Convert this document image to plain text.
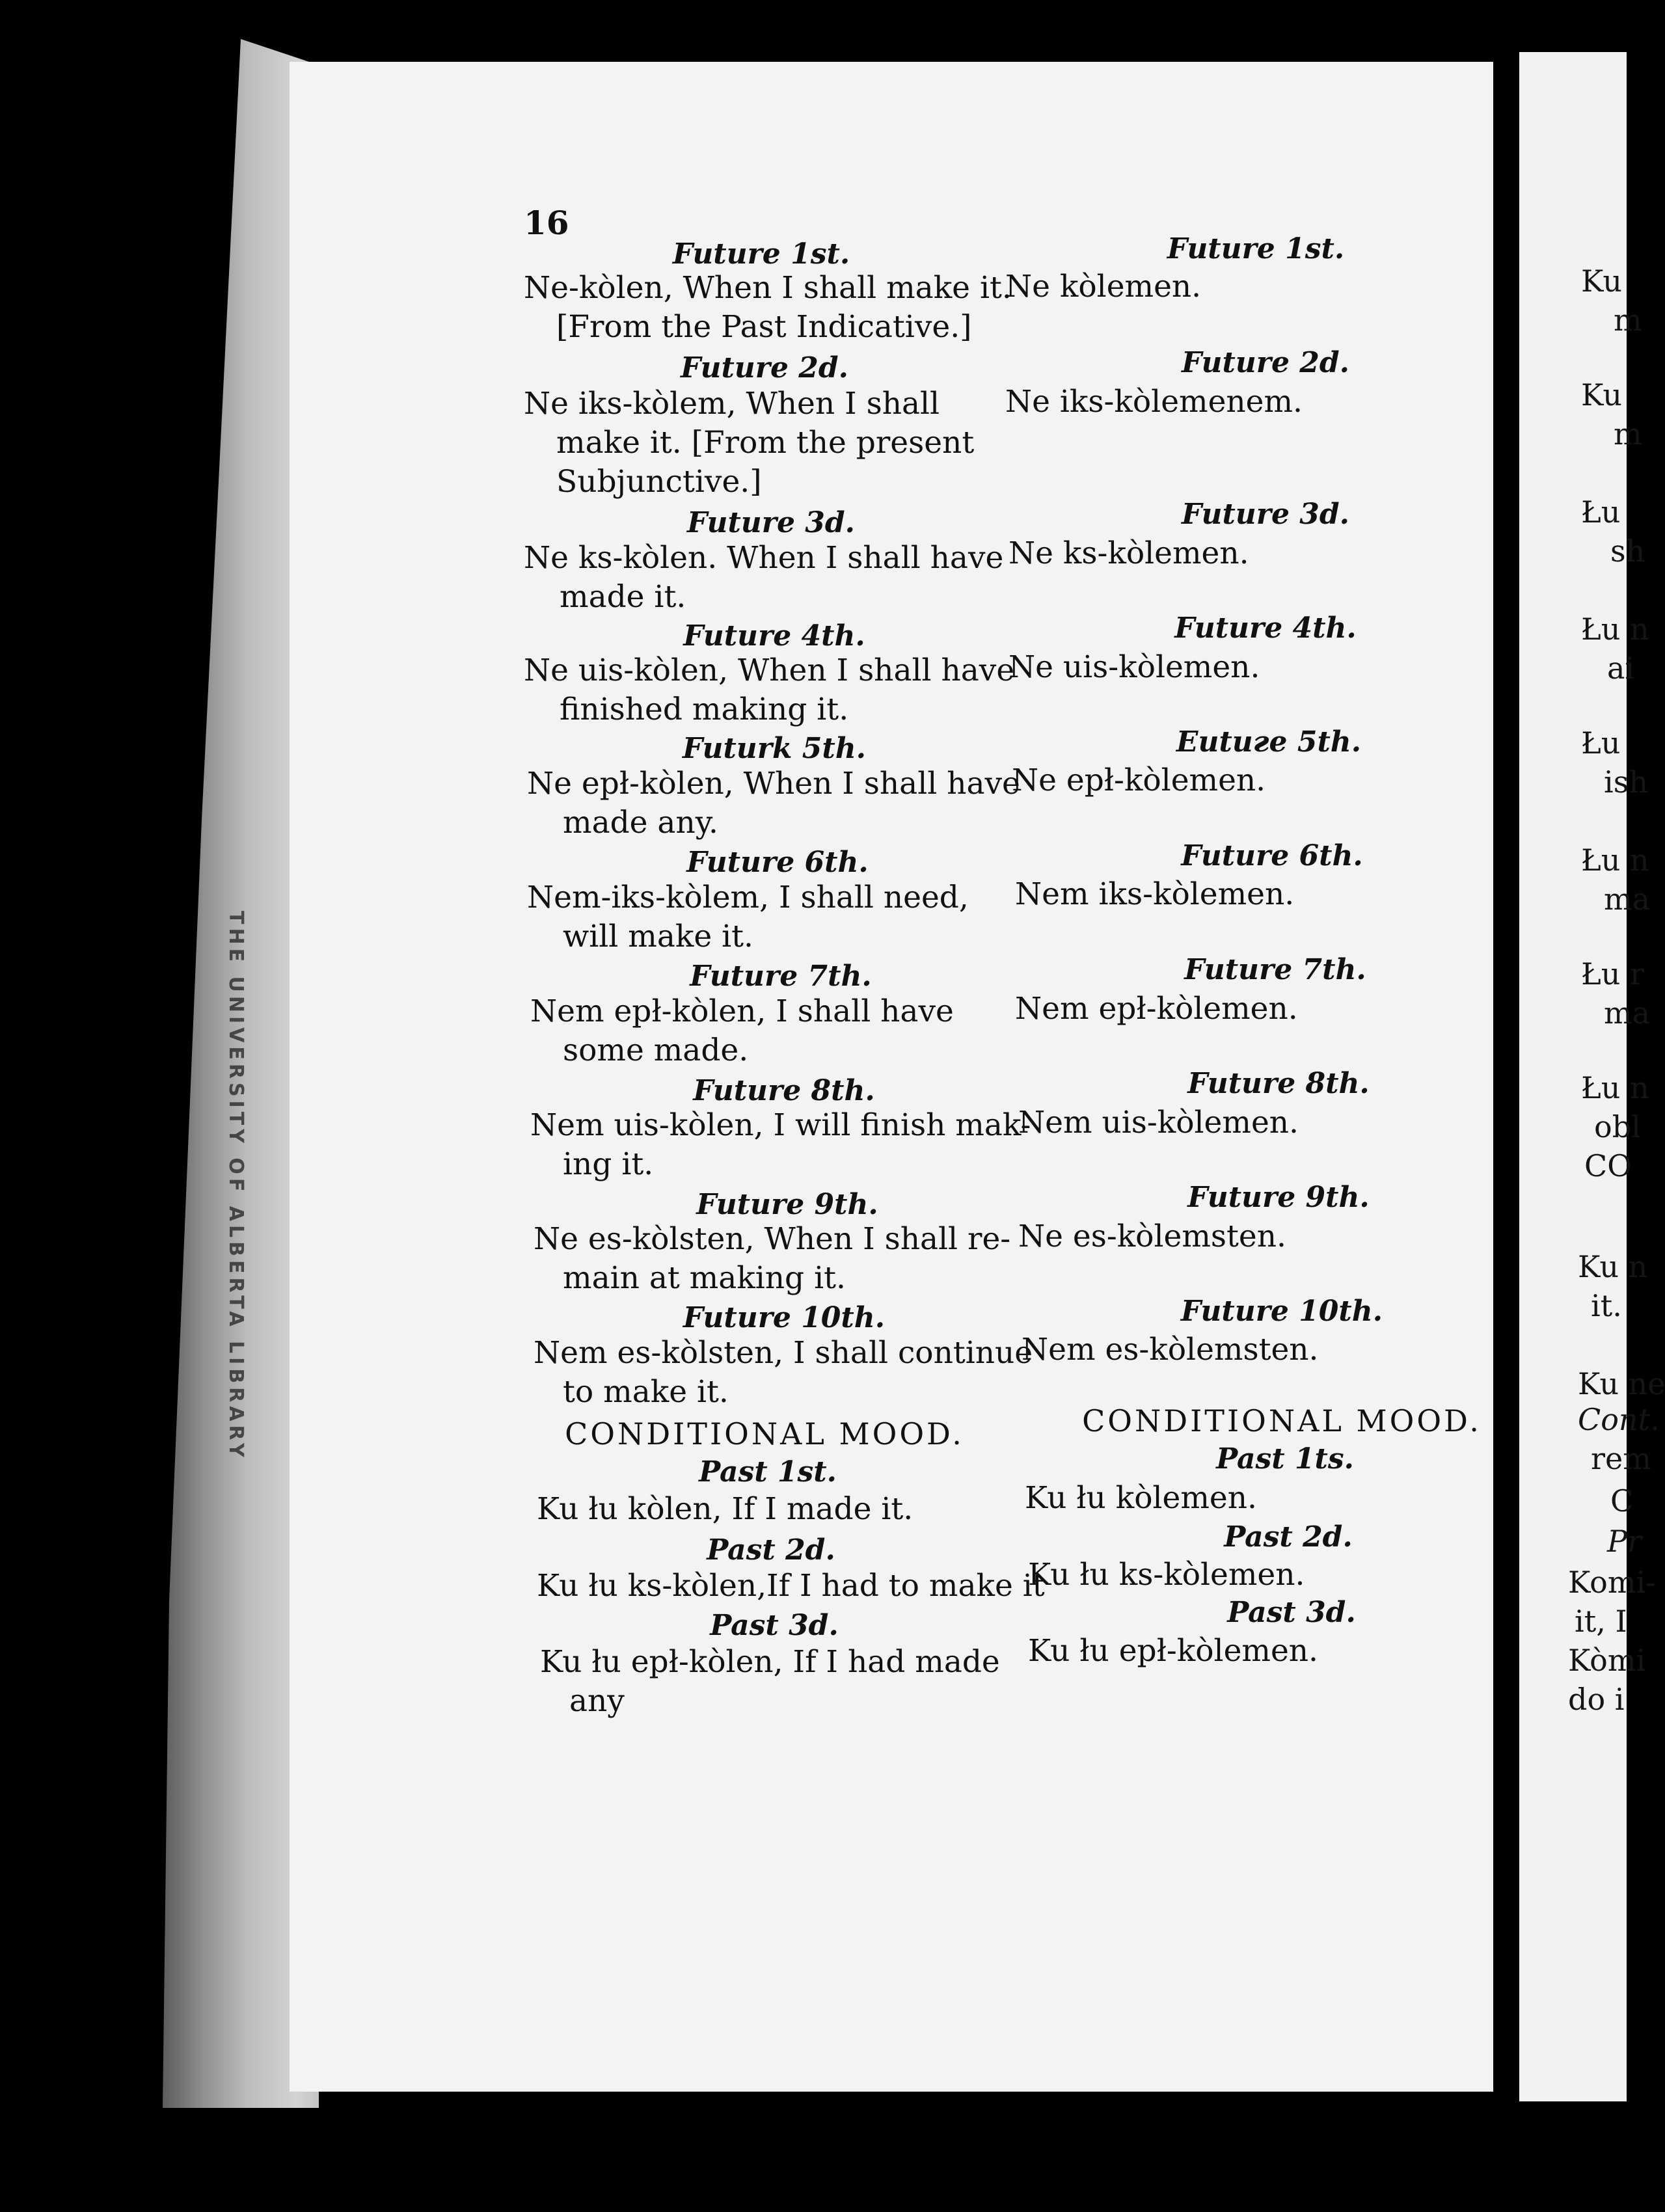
THE UNIVERSITY OF ALBERTA LIBRARY
16
Future 1st.
Ne-kòlen, When I shall make it.
[From the Past Indicative.]
Future 2d.
Ne iks-kòlem, When I shall
make it. [From the present
Subjunctive.]
Future 3d.
Ne ks-kòlen. When I shall have
made it.
Future 4th.
Ne uis-kòlen, When I shall have
finished making it.
Futurk 5th.
Ne epł-kòlen, When I shall have
made any.
Future 6th.
Nem-iks-kòlem, I shall need,
will make it.
Future 7th.
Nem epł-kòlen, I shall have
some made.
Future 8th.
Nem uis-kòlen, I will finish mak-
ing it.
Future 9th.
Ne es-kòlsten, When I shall re-
main at making it.
Future 10th.
Nem es-kòlsten, I shall continue
to make it.
CONDITIONAL MOOD.
Past 1st.
Ku łu kòlen, If I made it.
Past 2d.
Ku łu ks-kòlen,If I had to make it
Past 3d.
Ku łu epł-kòlen, If I had made
any
Future 1st.
Ne kòlemen.
Future 2d.
Ne iks-kòlemenem.
Future 3d.
Ne ks-kòlemen.
Future 4th.
Ne uis-kòlemen.
Eutuге 5th.
Ne epł-kòlemen.
Future 6th.
Nem iks-kòlemen.
Future 7th.
Nem epł-kòlemen.
Future 8th.
Nem uis-kòlemen.
Future 9th.
Ne es-kòlemsten.
Future 10th.
Nem es-kòlemsten.
CONDITIONAL MOOD.
Past 1ts.
Ku łu kòlemen.
Past 2d.
Ku łu ks-kòlemen.
Past 3d.
Ku łu epł-kòlemen.
Ku
m
Ku
m
Łu
sh
Łu n
ai
Łu
ish
Łu n
ma
Łu r
ma
Łu n
obl
CO
Ku n
it.
Ku ne
Cont.
rem
C
Pr
Komi-
it, I
Kòmi
do i
